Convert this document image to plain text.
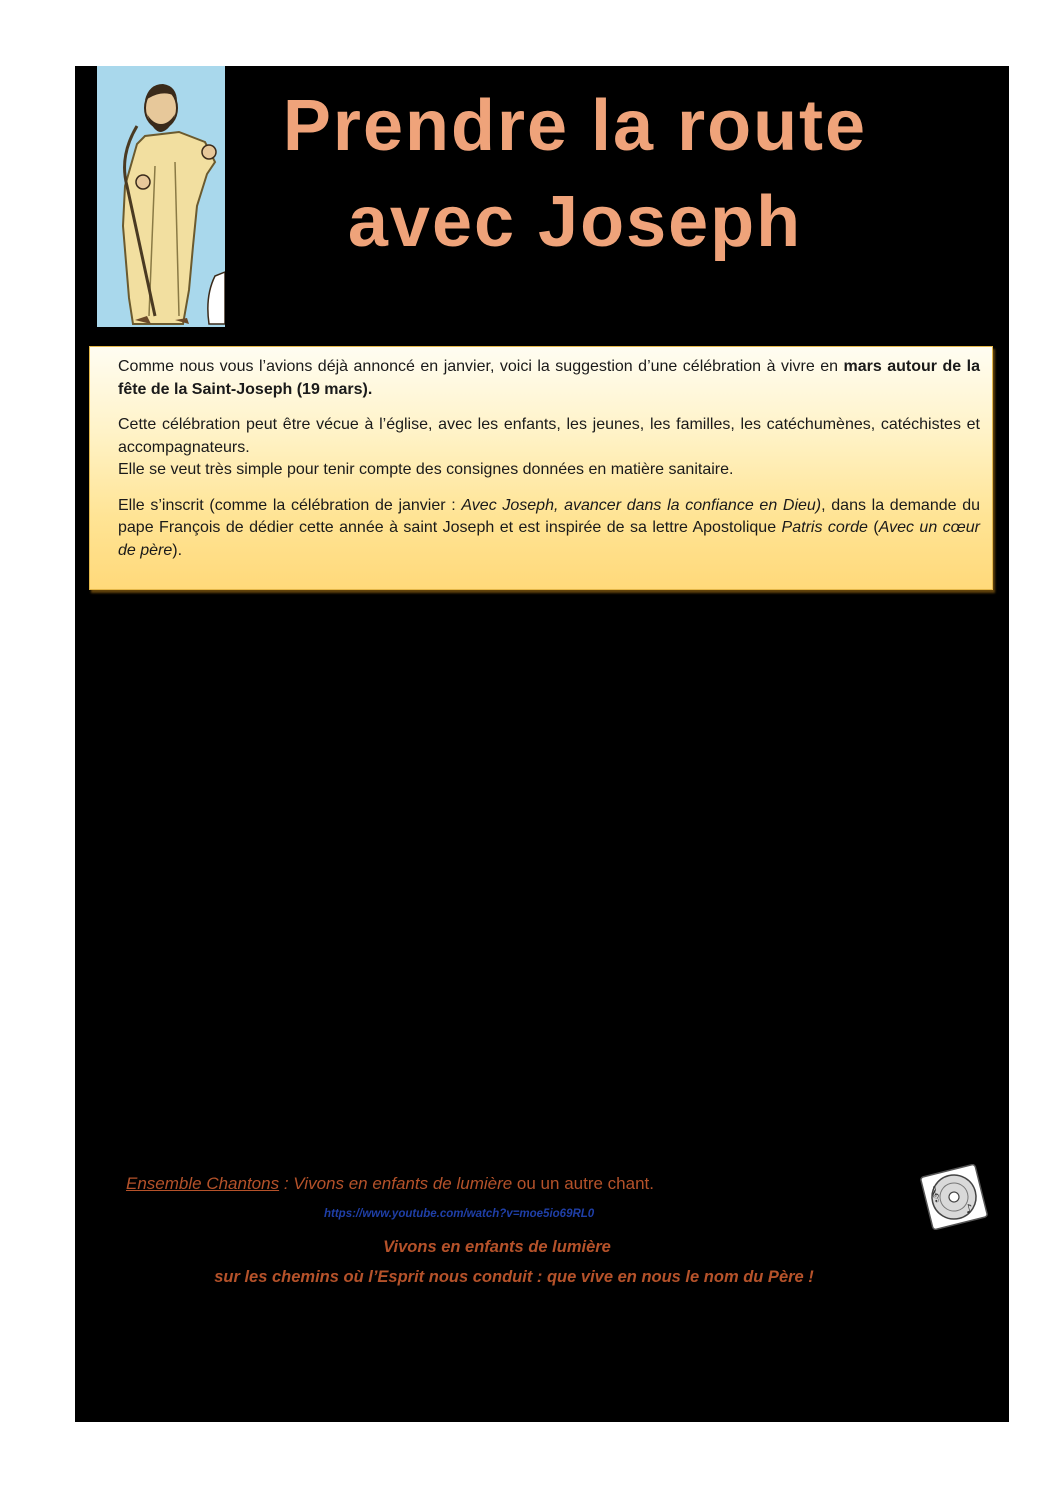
Prendre la route
avec Joseph

Comme nous vous l’avions déjà annoncé en janvier, voici la suggestion d’une célébration à vivre en mars autour de la fête de la Saint-Joseph (19 mars).

Cette célébration peut être vécue à l’église, avec les enfants, les jeunes, les familles, les catéchumènes, catéchistes et accompagnateurs.

Elle se veut très simple pour tenir compte des consignes données en matière sanitaire.

Elle s’inscrit (comme la célébration de janvier : Avec Joseph, avancer dans la confiance en Dieu), dans la demande du pape François de dédier cette année à saint Joseph et est inspirée de sa lettre Apostolique Patris corde (Avec un cœur de père).

Ensemble Chantons : Vivons en enfants de lumière ou un autre chant.
https://www.youtube.com/watch?v=moe5io69RL0
Vivons en enfants de lumière
sur les chemins où l’Esprit nous conduit : que vive en nous le nom du Père !
𝄞
♪
